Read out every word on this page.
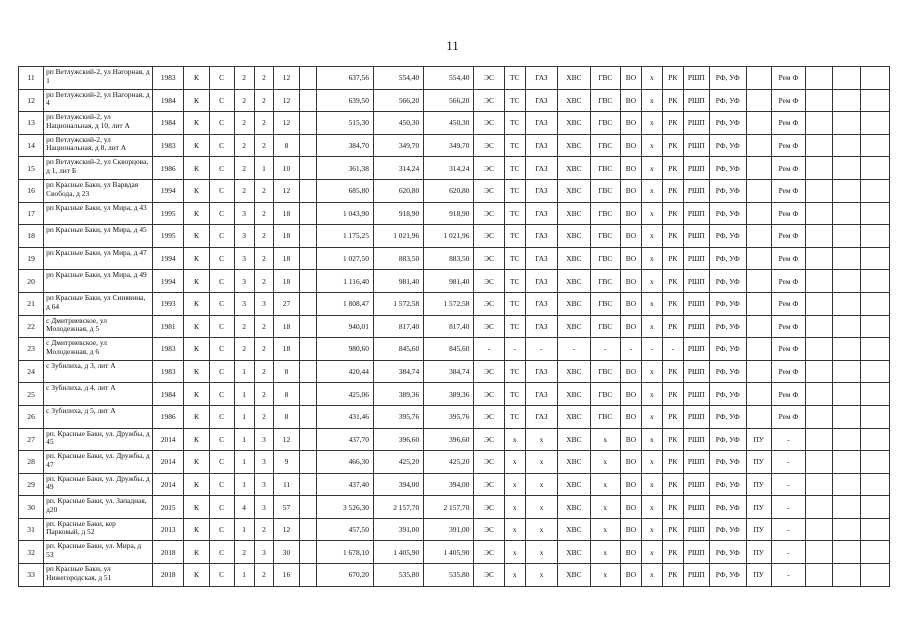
11
11	рп Ветлужский-2, ул Нагорная, д 1	1983	К	С	2	2	12		637,56	554,40	554,40	ЭС	ТС	ГАЗ	ХВС	ГВС	ВО	х	РК	РШП	РФ, УФ		Рем Ф			
12	рп Ветлужский-2, ул Нагорная, д 4	1984	К	С	2	2	12		639,50	566,20	566,20	ЭС	ТС	ГАЗ	ХВС	ГВС	ВО	х	РК	РШП	РФ, УФ		Рем Ф			
13	рп Ветлужский-2, ул Национальная, д 10, лит А	1984	К	С	2	2	12		515,30	450,30	450,30	ЭС	ТС	ГАЗ	ХВС	ГВС	ВО	х	РК	РШП	РФ, УФ		Рем Ф			
14	рп Ветлужский-2, ул Национальная, д 8, лит А	1983	К	С	2	2	8		384,70	349,70	349,70	ЭС	ТС	ГАЗ	ХВС	ГВС	ВО	х	РК	РШП	РФ, УФ		Рем Ф			
15	рп Ветлужский-2, ул Скворцова, д 1, лит Б	1986	К	С	2	1	10		361,38	314,24	314,24	ЭС	ТС	ГАЗ	ХВС	ГВС	ВО	х	РК	РШП	РФ, УФ		Рем Ф			
16	рп Красные Баки, ул Варвдая Свобода, д 23	1994	К	С	2	2	12		685,80	620,80	620,80	ЭС	ТС	ГАЗ	ХВС	ГВС	ВО	х	РК	РШП	РФ, УФ		Рем Ф			
17	рп Красные Баки, ул Мира, д 43	1995	К	С	3	2	18		1 043,90	918,90	918,90	ЭС	ТС	ГАЗ	ХВС	ГВС	ВО	х	РК	РШП	РФ, УФ		Рем Ф			
18	рп Красные Баки, ул Мира, д 45	1995	К	С	3	2	18		1 175,25	1 021,96	1 021,96	ЭС	ТС	ГАЗ	ХВС	ГВС	ВО	х	РК	РШП	РФ, УФ		Рем Ф			
19	рп Красные Баки, ул Мира, д 47	1994	К	С	3	2	18		1 027,50	883,50	883,50	ЭС	ТС	ГАЗ	ХВС	ГВС	ВО	х	РК	РШП	РФ, УФ		Рем Ф			
20	рп Красные Баки, ул Мира, д 49	1994	К	С	3	2	18		1 116,40	981,40	981,40	ЭС	ТС	ГАЗ	ХВС	ГВС	ВО	х	РК	РШП	РФ, УФ		Рем Ф			
21	рп Красные Баки, ул Синявина, д 64	1993	К	С	3	3	27		1 808,47	1 572,58	1 572,58	ЭС	ТС	ГАЗ	ХВС	ГВС	ВО	х	РК	РШП	РФ, УФ		Рем Ф			
22	с Дмитриевское, ул Молодежная, д 5	1981	К	С	2	2	18		940,01	817,40	817,40	ЭС	ТС	ГАЗ	ХВС	ГВС	ВО	х	РК	РШП	РФ, УФ		Рем Ф			
23	с Дмитриевское, ул Молодежная, д 6	1983	К	С	2	2	18		980,60	845,60	845,60	-	-	-	-	-	-	-	-	РШП	РФ, УФ		Рем Ф			
24	с Зубилиха, д 3, лит А	1983	К	С	1	2	8		420,44	384,74	384,74	ЭС	ТС	ГАЗ	ХВС	ГВС	ВО	х	РК	РШП	РФ, УФ		Рем Ф			
25	с Зубилиха, д 4, лит А	1984	К	С	1	2	8		425,06	389,36	389,36	ЭС	ТС	ГАЗ	ХВС	ГВС	ВО	х	РК	РШП	РФ, УФ		Рем Ф			
26	с Зубилиха, д 5, лит А	1986	К	С	1	2	8		431,46	395,76	395,76	ЭС	ТС	ГАЗ	ХВС	ГВС	ВО	х	РК	РШП	РФ, УФ		Рем Ф			
27	рп. Красные Баки, ул. Дружбы, д 45	2014	К	С	1	3	12		437,70	396,60	396,60	ЭС	х	х	ХВС	х	ВО	х	РК	РШП	РФ, УФ	ПУ	-			
28	рп. Красные Баки, ул. Дружбы, д 47	2014	К	С	1	3	9		466,30	425,20	425,20	ЭС	х	х	ХВС	х	ВО	х	РК	РШП	РФ, УФ	ПУ	-			
29	рп. Красные Баки, ул. Дружбы, д 49	2014	К	С	1	3	11		437,40	394,00	394,00	ЭС	х	х	ХВС	х	ВО	х	РК	РШП	РФ, УФ	ПУ	-			
30	рп. Красные Баки, ул. Западная, д20	2015	К	С	4	3	57		3 526,30	2 157,70	2 157,70	ЭС	х	х	ХВС	х	ВО	х	РК	РШП	РФ, УФ	ПУ	-			
31	рп. Красные Баки, кер Парковый, д 52	2013	К	С	1	2	12		457,50	391,00	391,00	ЭС	х	х	ХВС	х	ВО	х	РК	РШП	РФ, УФ	ПУ	-			
32	рп. Красные Баки, ул. Мира, д 53	2018	К	С	2	3	30		1 678,10	1 405,90	1 405,90	ЭС	х	х	ХВС	х	ВО	х	РК	РШП	РФ, УФ	ПУ	-			
33	рп Красные Баки, ул Нижегородская, д 51	2018	К	С	1	2	16		670,20	535,80	535,80	ЭС	х	х	ХВС	х	ВО	х	РК	РШП	РФ, УФ	ПУ	-			
